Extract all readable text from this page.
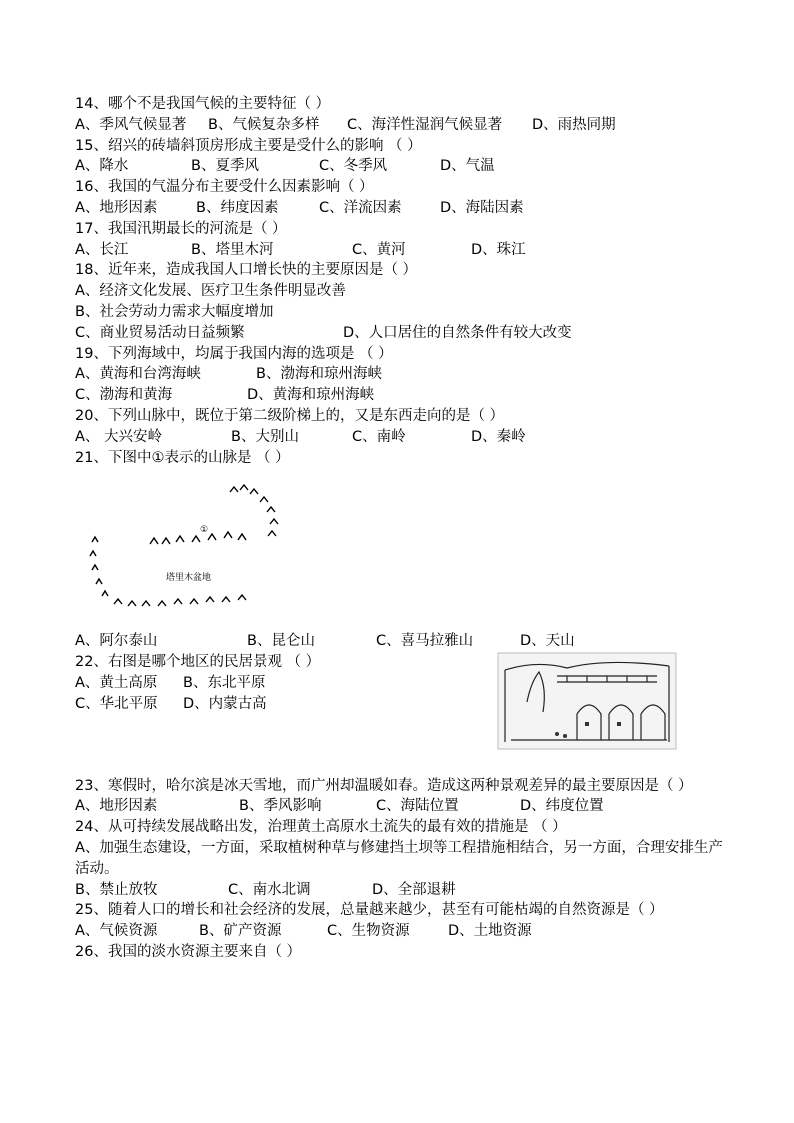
14、哪个不是我国气候的主要特征（ ）
A、季风气候显著 B、气候复杂多样 C、海洋性湿润气候显著 D、雨热同期
15、绍兴的砖墙斜顶房形成主要是受什么的影响 （ ）
A、降水	B、夏季风	C、冬季风	D、气温
16、我国的气温分布主要受什么因素影响（ ）
A、地形因素	B、纬度因素	C、洋流因素	D、海陆因素
17、我国汛期最长的河流是（ ）
A、长江	B、塔里木河	C、黄河	D、珠江
18、近年来，造成我国人口增长快的主要原因是（ ）
A、经济文化发展、医疗卫生条件明显改善
B、社会劳动力需求大幅度增加
C、商业贸易活动日益频繁	D、人口居住的自然条件有较大改变
19、下列海域中，均属于我国内海的选项是 （ ）
A、黄海和台湾海峡	B、渤海和琼州海峡
C、渤海和黄海	D、黄海和琼州海峡
20、下列山脉中，既位于第二级阶梯上的，又是东西走向的是（ ）
A、 大兴安岭	B、大别山	C、南岭	D、秦岭
21、下图中①表示的山脉是 （ ）
①
塔里木盆地
A、阿尔泰山	B、昆仑山	C、喜马拉雅山	D、天山
22、右图是哪个地区的民居景观 （ ）
A、黄土高原 B、东北平原
C、华北平原 D、内蒙古高
23、寒假时，哈尔滨是冰天雪地，而广州却温暖如春。造成这两种景观差异的最主要原因是（ ）
A、地形因素	B、季风影响	C、海陆位置	D、纬度位置
24、从可持续发展战略出发，治理黄土高原水土流失的最有效的措施是 （ ）
A、加强生态建设，一方面，采取植树种草与修建挡土坝等工程措施相结合，另一方面，合理安排生产活动。
B、禁止放牧	C、南水北调	D、全部退耕
25、随着人口的增长和社会经济的发展，总量越来越少，甚至有可能枯竭的自然资源是（ ）
A、气候资源	B、矿产资源	C、生物资源	D、土地资源
26、我国的淡水资源主要来自（ ）
